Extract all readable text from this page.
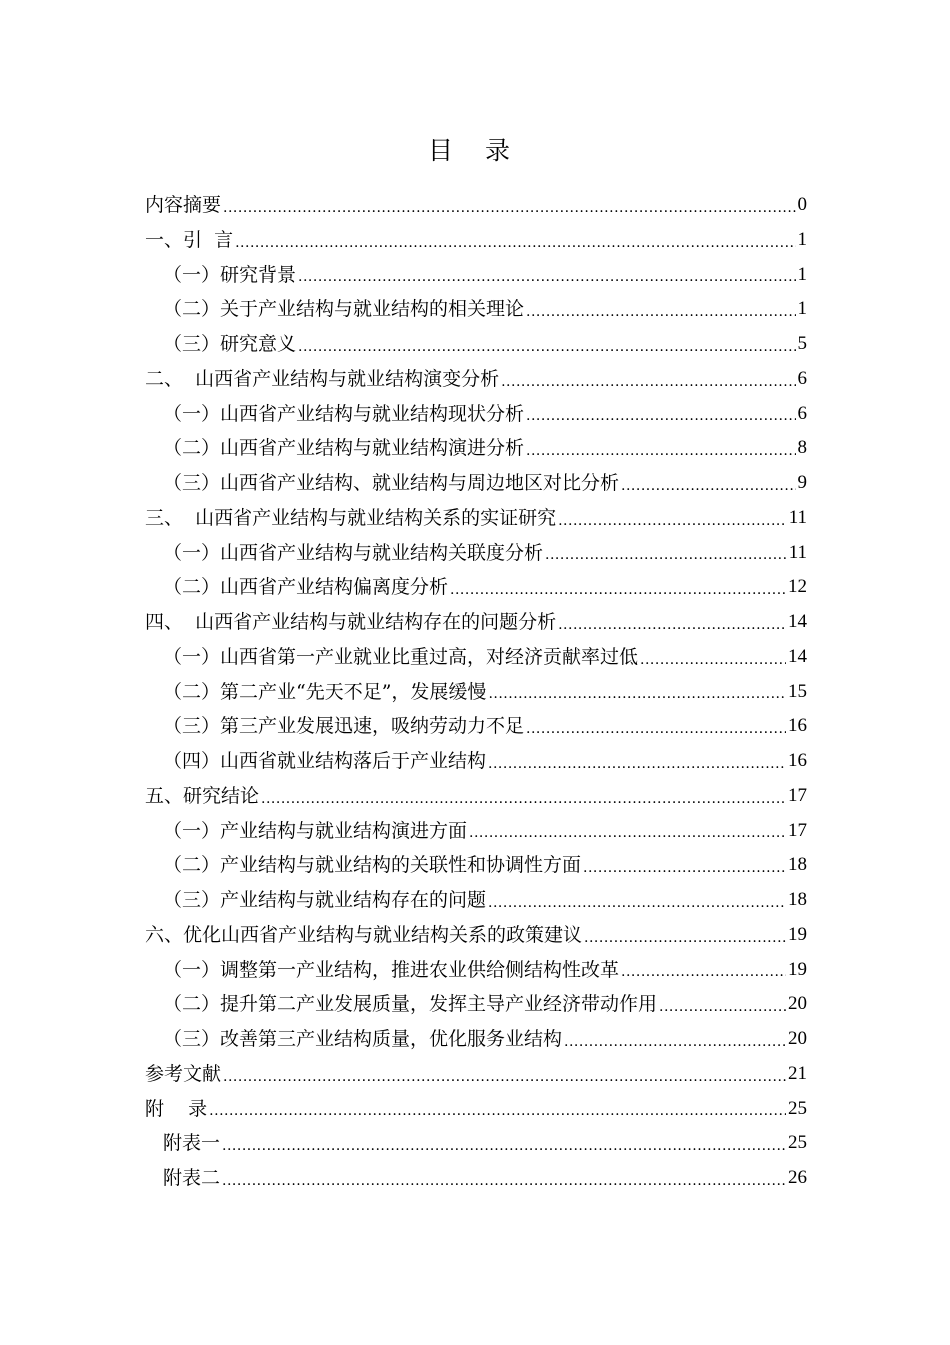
目 录
内容摘要 .....	0
一、引  言 .....	1
（一）研究背景 .....	1
（二）关于产业结构与就业结构的相关理论 .....	1
（三）研究意义 .....	5
二、  山西省产业结构与就业结构演变分析 .....	6
（一）山西省产业结构与就业结构现状分析 .....	6
（二）山西省产业结构与就业结构演进分析 .....	8
（三）山西省产业结构、就业结构与周边地区对比分析 .....	9
三、  山西省产业结构与就业结构关系的实证研究 .....	11
（一）山西省产业结构与就业结构关联度分析 .....	11
（二）山西省产业结构偏离度分析 .....	12
四、  山西省产业结构与就业结构存在的问题分析 .....	14
（一）山西省第一产业就业比重过高，对经济贡献率过低 .....	14
（二）第二产业“先天不足”，发展缓慢 .....	15
（三）第三产业发展迅速，吸纳劳动力不足 .....	16
（四）山西省就业结构落后于产业结构 .....	16
五、研究结论 .....	17
（一）产业结构与就业结构演进方面 .....	17
（二）产业结构与就业结构的关联性和协调性方面 .....	18
（三）产业结构与就业结构存在的问题 .....	18
六、优化山西省产业结构与就业结构关系的政策建议 .....	19
（一）调整第一产业结构，推进农业供给侧结构性改革 .....	19
（二）提升第二产业发展质量，发挥主导产业经济带动作用 .....	20
（三）改善第三产业结构质量，优化服务业结构 .....	20
参考文献 .....	21
附    录 .....	25
附表一 .....	25
附表二 .....	26
